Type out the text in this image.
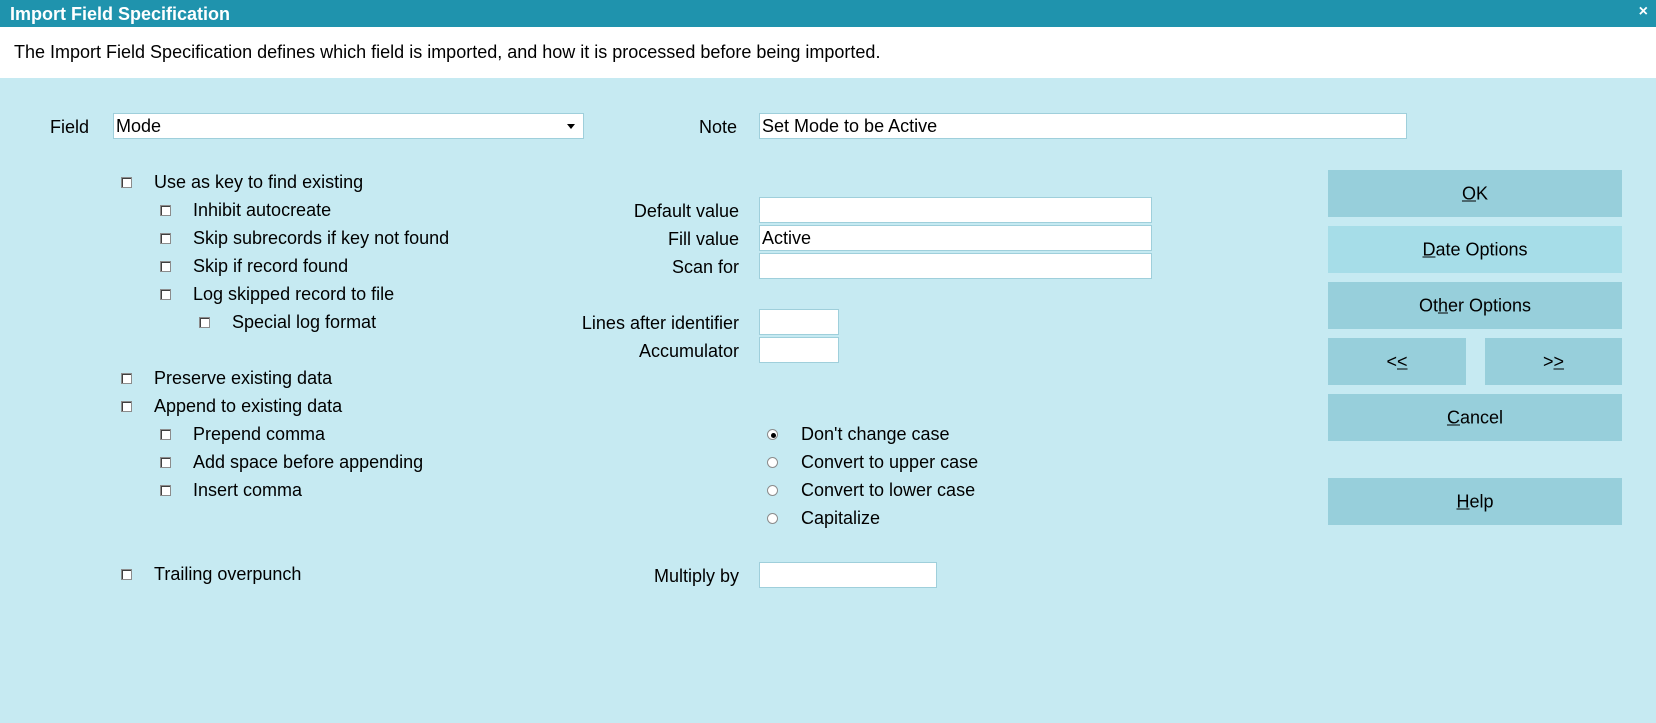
Import Field Specification	×
The Import Field Specification defines which field is imported, and how it is processed before being imported.
Field Mode	Note Set Mode to be Active
Use as key to find existing
Inhibit autocreate
Skip subrecords if key not found
Skip if record found
Log skipped record to file
Special log format
Preserve existing data
Append to existing data
Prepend comma
Add space before appending
Insert comma
Trailing overpunch
Default value
Fill value Active
Scan for
Lines after identifier
Accumulator
Multiply by
Don't change case
Convert to upper case
Convert to lower case
Capitalize
OK
Date Options
Other Options
<<	>>
Cancel
Help
